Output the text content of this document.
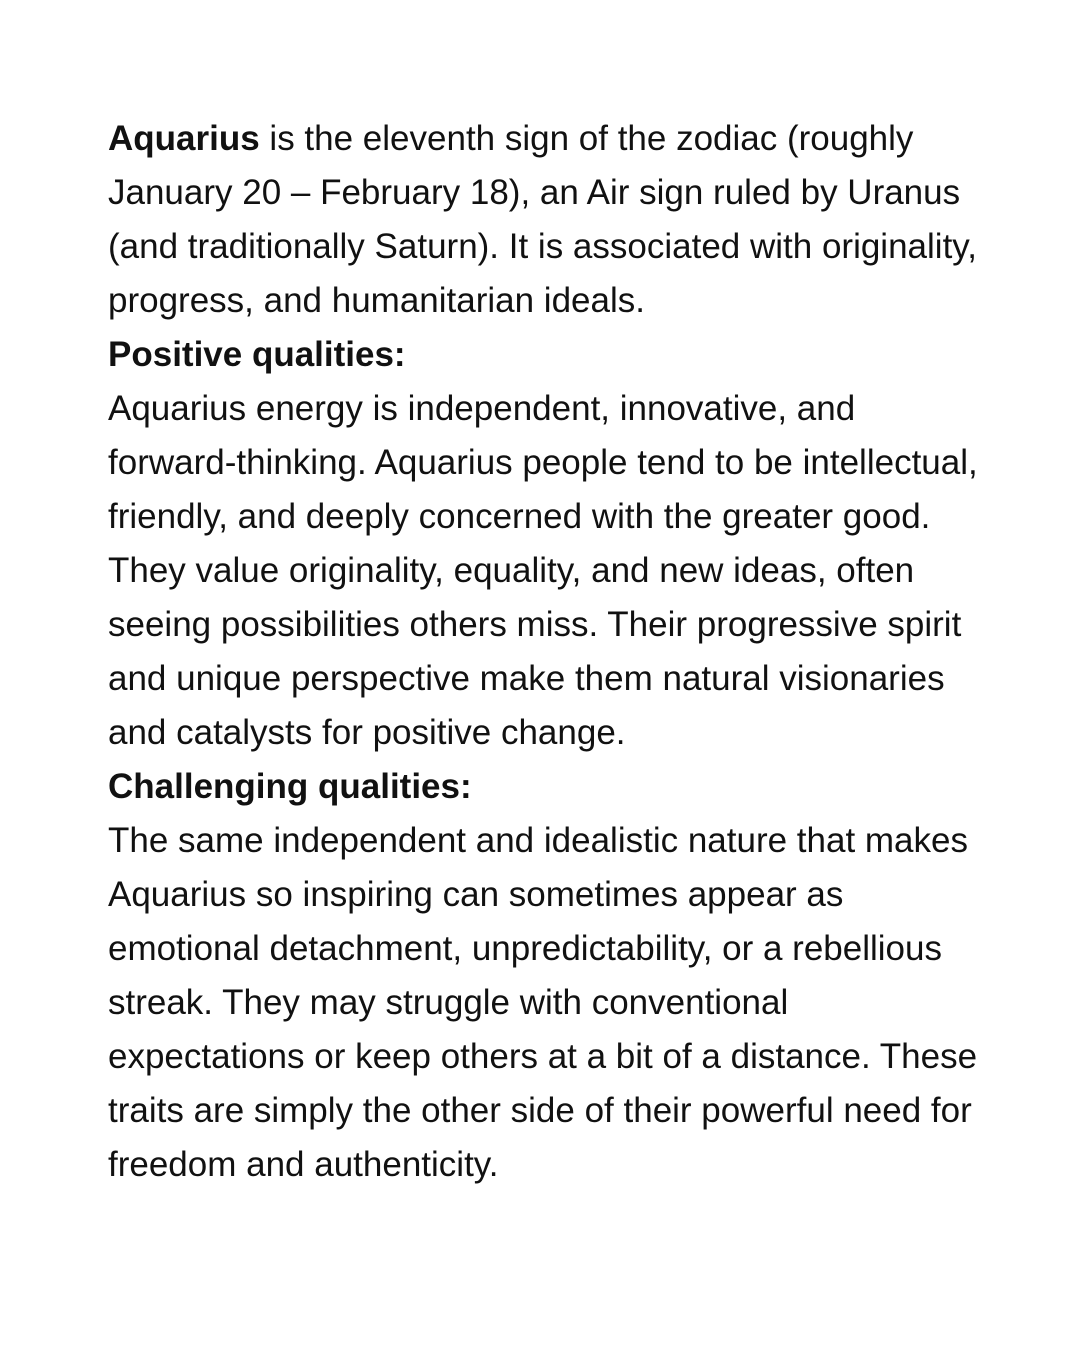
Aquarius is the eleventh sign of the zodiac (roughly January 20 – February 18), an Air sign ruled by Uranus (and traditionally Saturn). It is associated with originality, progress, and humanitarian ideals.

Positive qualities:

Aquarius energy is independent, innovative, and forward-thinking. Aquarius people tend to be intellectual, friendly, and deeply concerned with the greater good. They value originality, equality, and new ideas, often seeing possibilities others miss. Their progressive spirit and unique perspective make them natural visionaries and catalysts for positive change.

Challenging qualities:

The same independent and idealistic nature that makes Aquarius so inspiring can sometimes appear as emotional detachment, unpredictability, or a rebellious streak. They may struggle with conventional expectations or keep others at a bit of a distance. These traits are simply the other side of their powerful need for freedom and authenticity.
